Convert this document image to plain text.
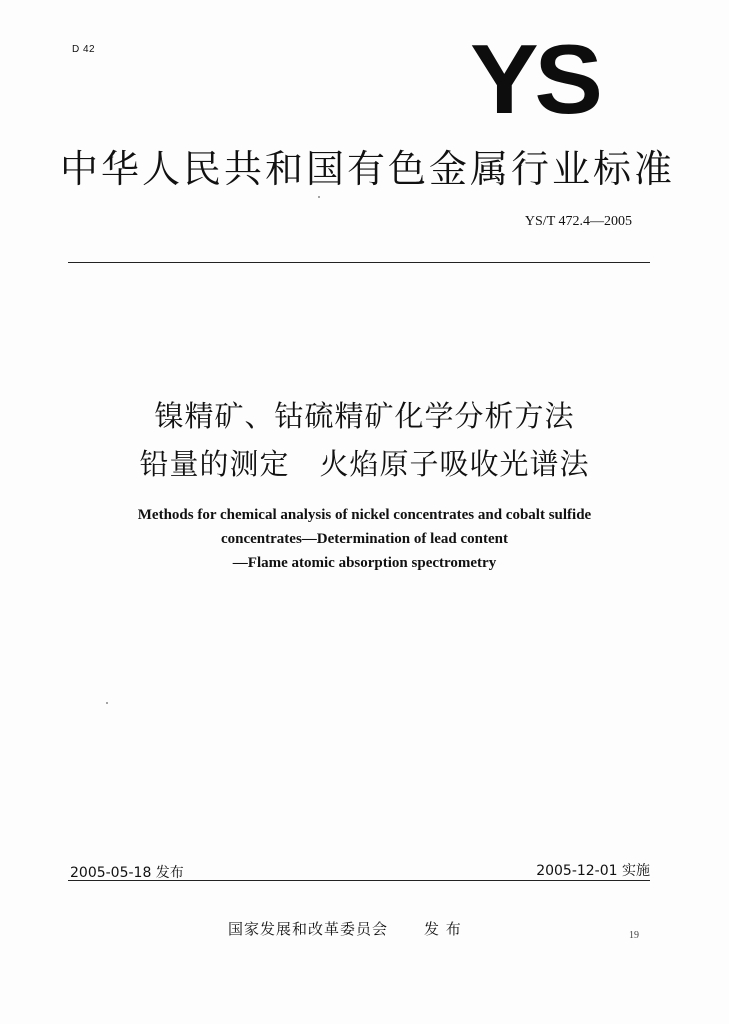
D 42	YS
中华人民共和国有色金属行业标准
YS/T 472.4—2005
镍精矿、钴硫精矿化学分析方法
铅量的测定　火焰原子吸收光谱法
Methods for chemical analysis of nickel concentrates and cobalt sulfide
concentrates—Determination of lead content
—Flame atomic absorption spectrometry
2005-05-18 发布	2005-12-01 实施
国家发展和改革委员会 发 布	19
